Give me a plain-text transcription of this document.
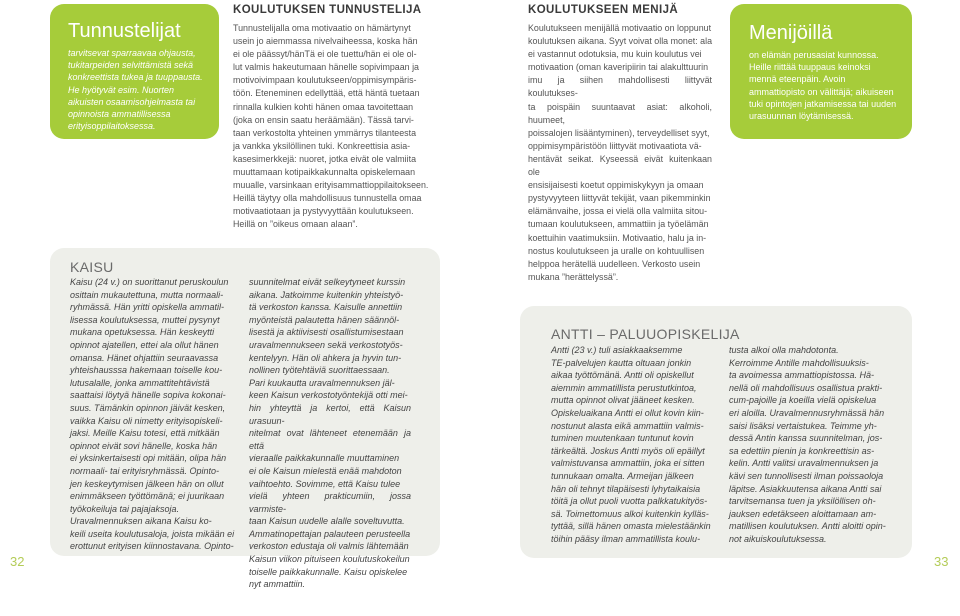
Tunnustelijat
tarvitsevat sparraavaa ohjausta, tukitarpeiden selvittämistä sekä konkreettista tukea ja tuuppausta. He hyötyvät esim. Nuorten aikuisten osaamisohjelmasta tai opinnoista ammatillisessa erityisoppilaitoksessa.
KOULUTUKSEN TUNNUSTELIJA
Tunnustelijalla oma motivaatio on hämärtynyt
usein jo aiemmassa nivelvaiheessa, koska hän
ei ole päässyt/hänTä ei ole tuettu/hän ei ole ol-
lut valmis hakeutumaan hänelle sopivimpaan ja
motivoivimpaan koulutukseen/oppimisympäris-
töön. Eteneminen edellyttää, että häntä tuetaan
rinnalla kulkien kohti hänen omaa tavoitettaan
(joka on ensin saatu heräämään). Tässä tarvi-
taan verkostolta yhteinen ymmärrys tilanteesta
ja vankka yksilöllinen tuki. Konkreettisia asia-
kasesimerkkejä: nuoret, jotka eivät ole valmiita
muuttamaan kotipaikkakunnalta opiskelemaan
muualle, varsinkaan erityisammattioppilaitokseen.
Heillä täytyy olla mahdollisuus tunnustella omaa
motivaatiotaan ja pystyvyyttään koulutukseen.
Heillä on ”oikeus omaan alaan”.
KOULUTUKSEEN MENIJÄ
Koulutukseen menijällä motivaatio on loppunut
koulutuksen aikana. Syyt voivat olla monet: ala
ei vastannut odotuksia, mu kuin koulutus vei
motivaation (oman kaveripiirin tai alakulttuurin
imu ja siihen mahdollisesti liittyvät koulutukses-
ta poispäin suuntaavat asiat: alkoholi, huumeet,
poissalojen lisääntyminen), terveydelliset syyt,
oppimisympäristöön liittyvät motivaatiota vä-
hentävät seikat. Kyseessä eivät kuitenkaan ole
ensisijaisesti koetut oppimiskykyyn ja omaan
pystyvyyteen liittyvät tekijät, vaan pikemminkin
elämänvaihe, jossa ei vielä olla valmiita sitou-
tumaan koulutukseen, ammattiin ja työelämän
koettuihin vaatimuksiin. Motivaatio, halu ja in-
nostus koulutukseen ja uralle on kohtuullisen
helppoa herätellä uudelleen. Verkosto usein
mukana ”herättelyssä”.
Menijöillä
on elämän perusasiat kunnossa. Heille riittää tuuppaus keinoksi mennä eteenpäin. Avoin ammattiopisto on välittäjä; aikuiseen tuki opintojen jatkamisessa tai uuden urasuunnan löytämisessä.
KAISU
Kaisu (24 v.) on suorittanut peruskoulun
osittain mukautettuna, mutta normaali-
ryhmässä. Hän yritti opiskella ammatil-
lisessa koulutuksessa, muttei pysynyt
mukana opetuksessa. Hän keskeytti
opinnot ajatellen, ettei ala ollut hänen
omansa. Hänet ohjattiin seuraavassa
yhteishausssa hakemaan toiselle kou-
lutusalalle, jonka ammattitehtävistä
saattaisi löytyä hänelle sopiva kokonai-
suus. Tämänkin opinnon jäivät kesken,
vaikka Kaisu oli nimetty erityisopiskeli-
jaksi. Meille Kaisu totesi, että mitkään
opinnot eivät sovi hänelle, koska hän
ei yksinkertaisesti opi mitään, olipa hän
normaali- tai erityisryhmässä. Opinto-
jen keskeytymisen jälkeen hän on ollut
enimmäkseen työttömänä; ei juurikaan
työkokeiluja tai pajajaksoja.
Uravalmennuksen aikana Kaisu ko-
keili useita koulutusaloja, joista mikään ei
erottunut erityisen kiinnostavana. Opinto-
suunnitelmat eivät selkeytyneet kurssin
aikana. Jatkoimme kuitenkin yhteistyö-
tä verkoston kanssa. Kaisulle annettiin
myönteistä palautetta hänen säännöl-
lisestä ja aktiivisesti osallistumisestaan
uravalmennukseen sekä verkostotyös-
kentelyyn. Hän oli ahkera ja hyvin tun-
nollinen työtehtäviä suorittaessaan.
Pari kuukautta uravalmennuksen jäl-
keen Kaisun verkostotyöntekijä otti mei-
hin yhteyttä ja kertoi, että Kaisun urasuun-
nitelmat ovat lähteneet etenemään ja että
vieraalle paikkakunnalle muuttaminen
ei ole Kaisun mielestä enää mahdoton
vaihtoehto. Sovimme, että Kaisu tulee
vielä yhteen prakticumiin, jossa varmiste-
taan Kaisun uudelle alalle soveltuvutta.
Ammatinopettajan palauteen perusteella
verkoston edustaja oli valmis lähtemään
Kaisun viikon pituiseen koulutuskokeilun
toiselle paikkakunnalle. Kaisu opiskelee
nyt ammattiin.
ANTTI – PALUUOPISKELIJA
Antti (23 v.) tuli asiakkaaksemme
TE-palvelujen kautta oltuaan jonkin
aikaa työttömänä. Antti oli opiskellut
aiemmin ammatillista perustutkintoa,
mutta opinnot olivat jääneet kesken.
Opiskeluaikana Antti ei ollut kovin kiin-
nostunut alasta eikä ammattiin valmis-
tuminen muutenkaan tuntunut kovin
tärkeältä. Joskus Antti myös oli epäillyt
valmistuvansa ammattiin, joka ei sitten
tunnukaan omalta. Armeijan jälkeen
hän oli tehnyt tilapäisesti lyhytaikaisia
töitä ja ollut puoli vuotta palkkatukityös-
sä. Toimettomuus alkoi kuitenkin kylläs-
tyttää, sillä hänen omasta mielestäänkin
töihin pääsy ilman ammatillista koulu-
tusta alkoi olla mahdotonta.
Kerroimme Antille mahdollisuuksis-
ta avoimessa ammattiopistossa. Hä-
nellä oli mahdollisuus osallistua prakti-
cum-pajoille ja koeilla vielä opiskelua
eri aloilla. Uravalmennusryhmässä hän
saisi lisäksi vertaistukea. Teimme yh-
dessä Antin kanssa suunnitelman, jos-
sa edettiin pienin ja konkreettisin as-
kelin. Antti valitsi uravalmennuksen ja
kävi sen tunnollisesti ilman poissaoloja
läpitse. Asiakkuutensa aikana Antti sai
tarvitsemansa tuen ja yksilöllisen oh-
jauksen edetäkseen aloittamaan am-
matillisen koulutuksen. Antti aloitti opin-
not aikuiskoulutuksessa.
32	33
